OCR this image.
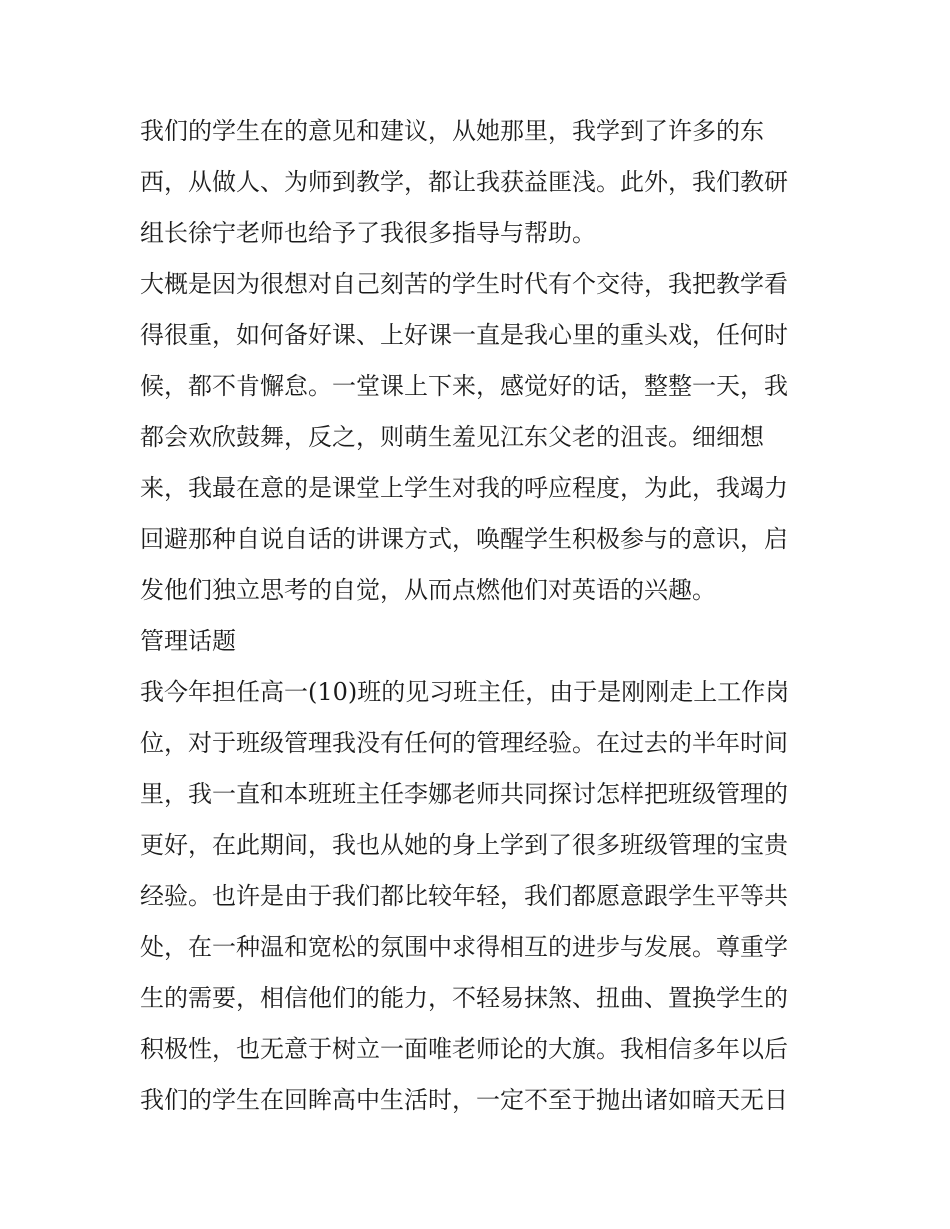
我们的学生在的意见和建议，从她那里，我学到了许多的东
西，从做人、为师到教学，都让我获益匪浅。此外，我们教研
组长徐宁老师也给予了我很多指导与帮助。
大概是因为很想对自己刻苦的学生时代有个交待，我把教学看
得很重，如何备好课、上好课一直是我心里的重头戏，任何时
候，都不肯懈怠。一堂课上下来，感觉好的话，整整一天，我
都会欢欣鼓舞，反之，则萌生羞见江东父老的沮丧。细细想
来，我最在意的是课堂上学生对我的呼应程度，为此，我竭力
回避那种自说自话的讲课方式，唤醒学生积极参与的意识，启
发他们独立思考的自觉，从而点燃他们对英语的兴趣。
管理话题
我今年担任高一(10)班的见习班主任，由于是刚刚走上工作岗
位，对于班级管理我没有任何的管理经验。在过去的半年时间
里，我一直和本班班主任李娜老师共同探讨怎样把班级管理的
更好，在此期间，我也从她的身上学到了很多班级管理的宝贵
经验。也许是由于我们都比较年轻，我们都愿意跟学生平等共
处，在一种温和宽松的氛围中求得相互的进步与发展。尊重学
生的需要，相信他们的能力，不轻易抹煞、扭曲、置换学生的
积极性，也无意于树立一面唯老师论的大旗。我相信多年以后
我们的学生在回眸高中生活时，一定不至于抛出诸如暗天无日
